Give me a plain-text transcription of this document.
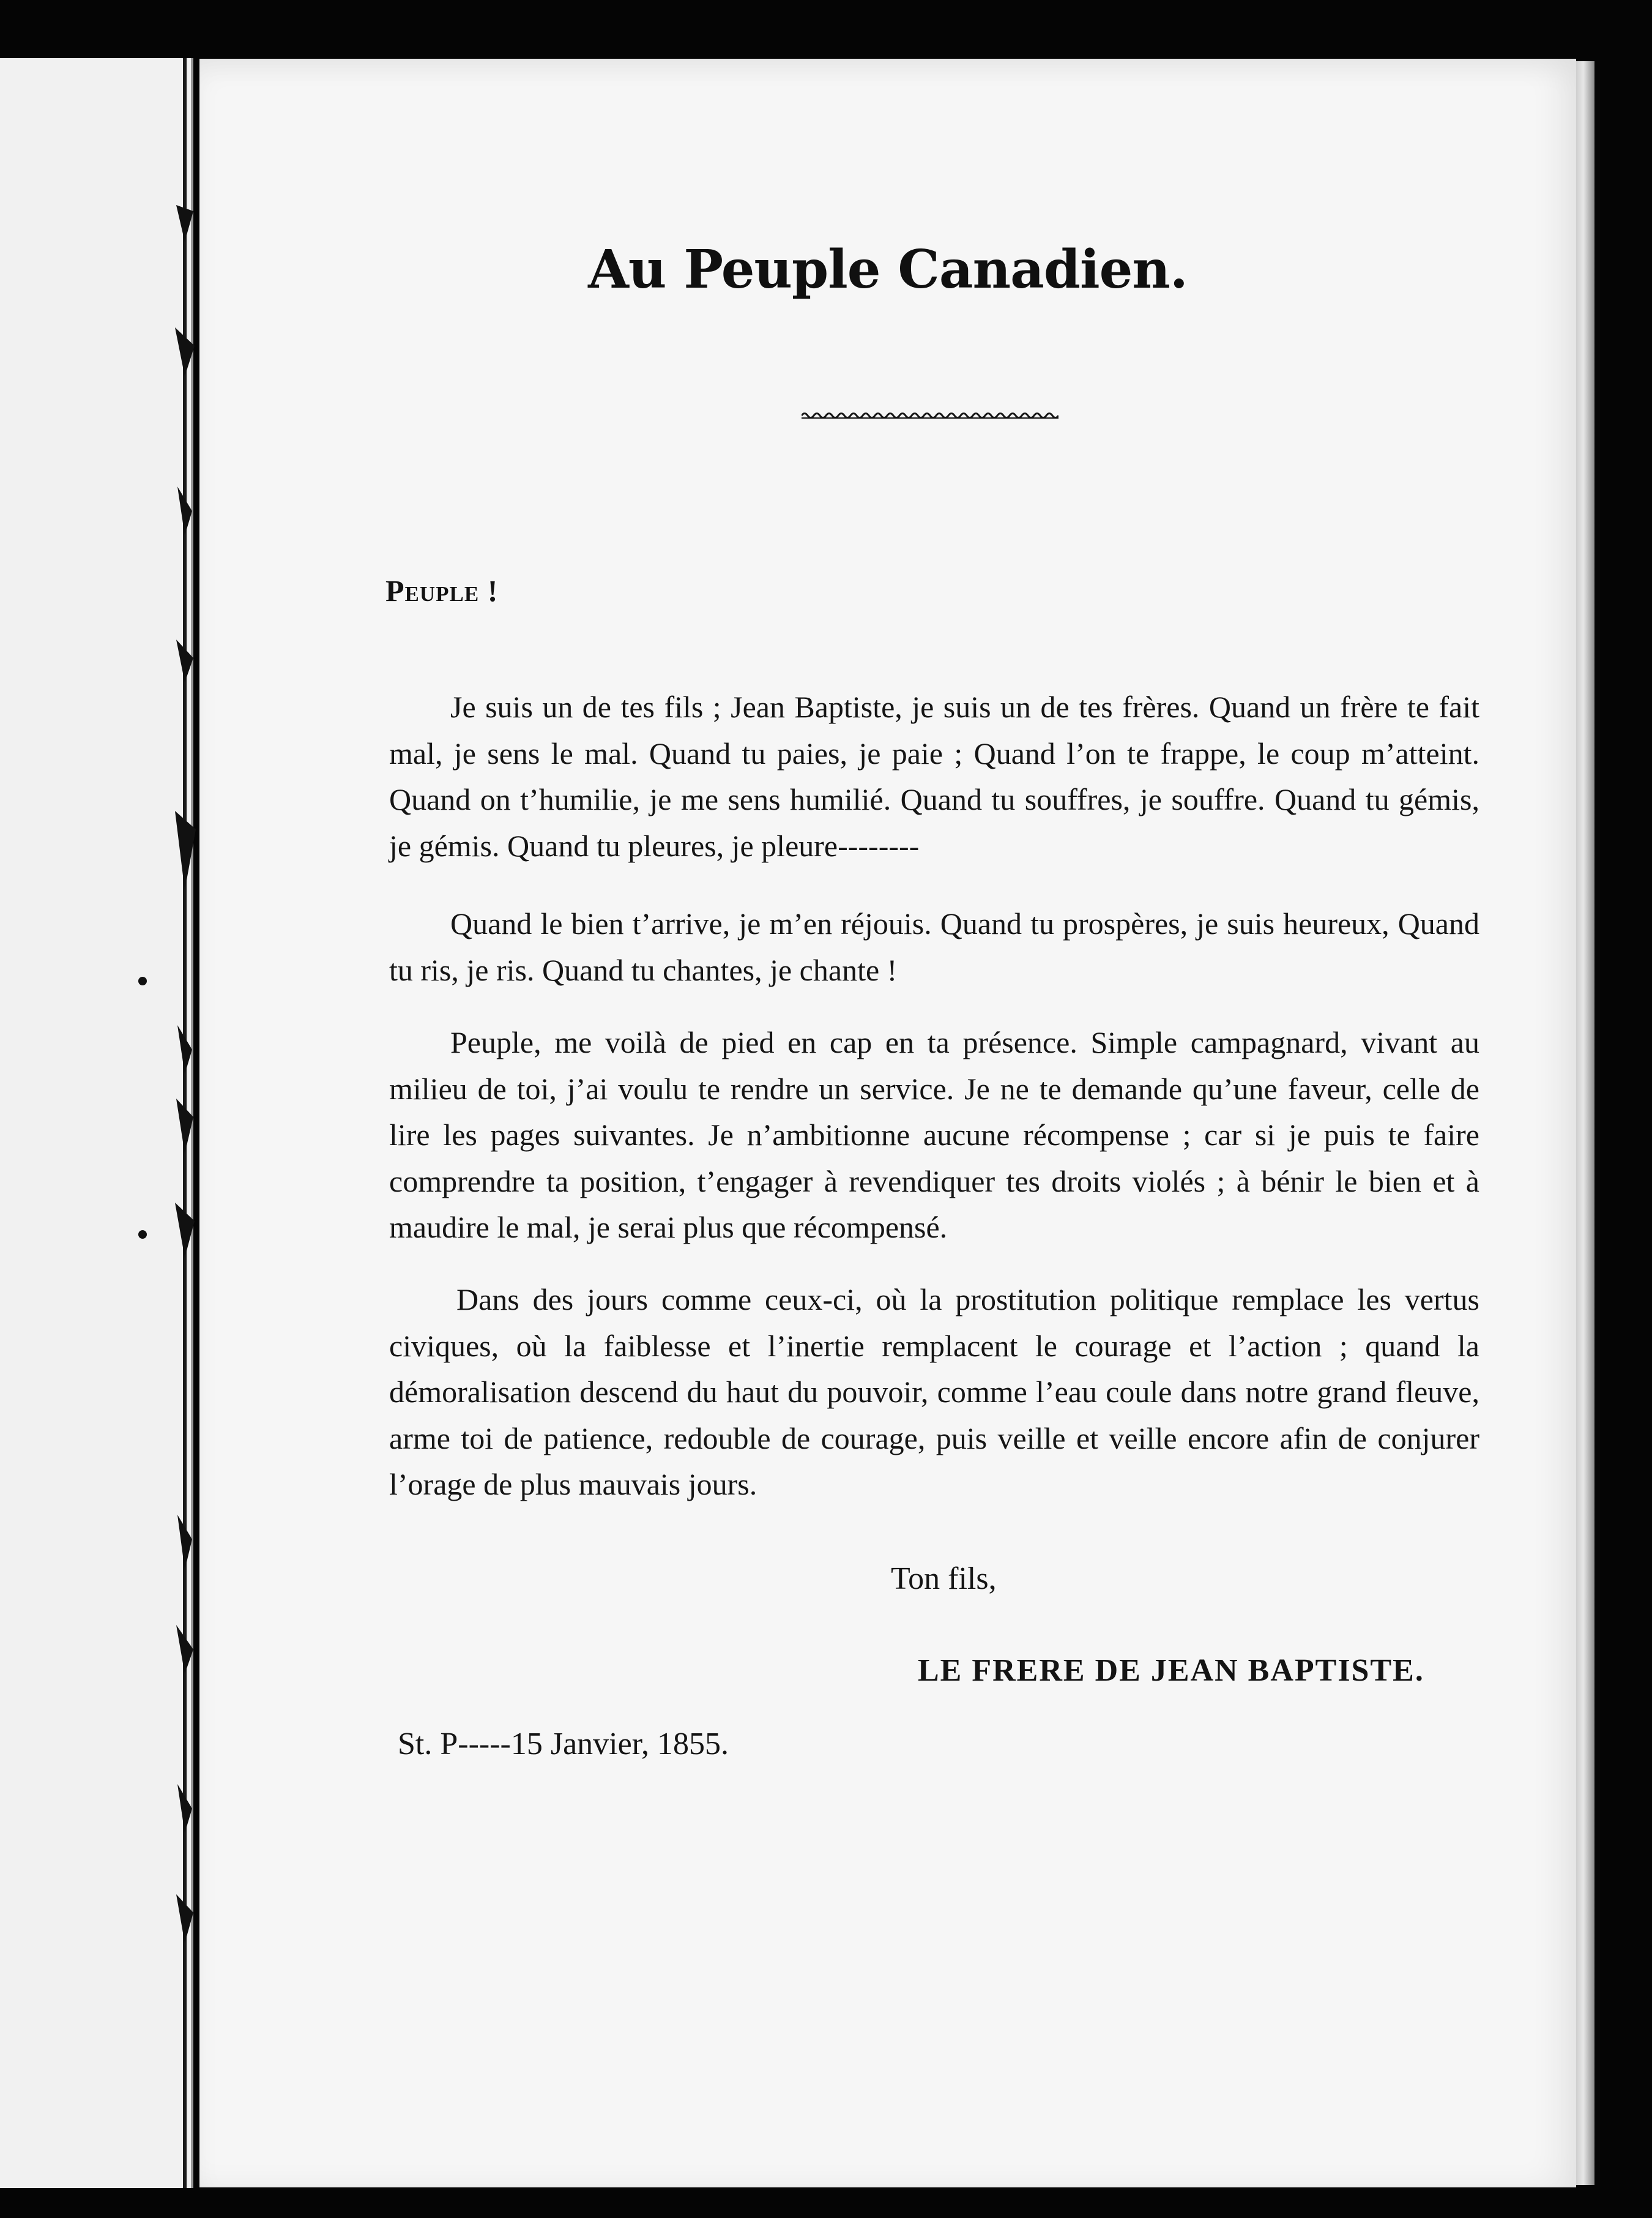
Au Peuple Canadien.
Peuple !

Je suis un de tes fils ; Jean Baptiste, je suis un de tes frères. Quand un frère te fait mal, je sens le mal. Quand tu paies, je paie ; Quand l’on te frappe, le coup m’atteint. Quand on t’humilie, je me sens humilié. Quand tu souffres, je souffre. Quand tu gémis, je gémis. Quand tu pleures, je pleure--------

Quand le bien t’arrive, je m’en réjouis. Quand tu prospères, je suis heureux, Quand tu ris, je ris. Quand tu chantes, je chante !

Peuple, me voilà de pied en cap en ta présence. Simple campagnard, vivant au milieu de toi, j’ai voulu te rendre un service. Je ne te demande qu’une faveur, celle de lire les pages suivantes. Je n’ambitionne aucune récompense ; car si je puis te faire comprendre ta position, t’engager à revendiquer tes droits violés ; à bénir le bien et à maudire le mal, je serai plus que récompensé.

Dans des jours comme ceux-ci, où la prostitution politique remplace les vertus civiques, où la faiblesse et l’inertie remplacent le courage et l’action ; quand la démoralisation descend du haut du pouvoir, comme l’eau coule dans notre grand fleuve, arme toi de patience, redouble de courage, puis veille et veille encore afin de conjurer l’orage de plus mauvais jours.

Ton fils,
LE FRERE DE JEAN BAPTISTE.
St. P-----15 Janvier, 1855.
